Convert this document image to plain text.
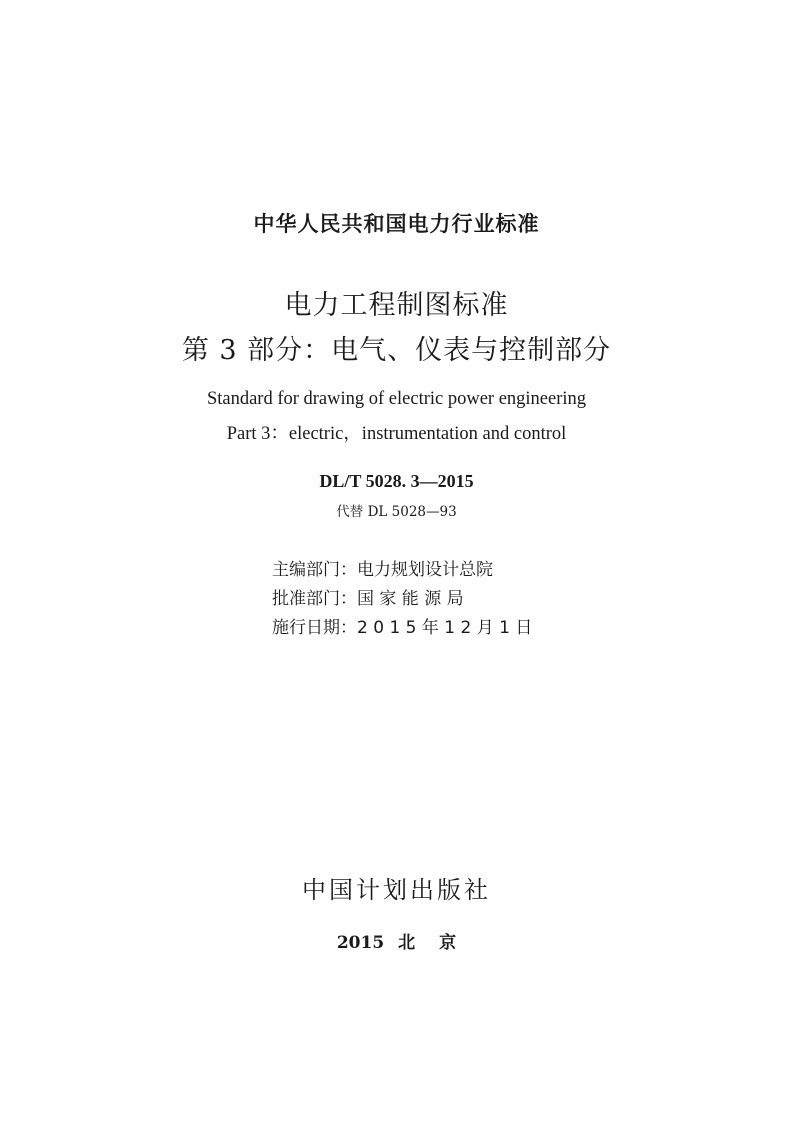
中华人民共和国电力行业标准
电力工程制图标准
第 3 部分：电气、仪表与控制部分
Standard for drawing of electric power engineering
Part 3：electric，instrumentation and control
DL/T 5028. 3—2015
代替 DL 5028—93
主编部门：电力规划设计总院
批准部门：国 家 能 源 局
施行日期：2 0 1 5 年 1 2 月 1 日
中国计划出版社
2015 北京
